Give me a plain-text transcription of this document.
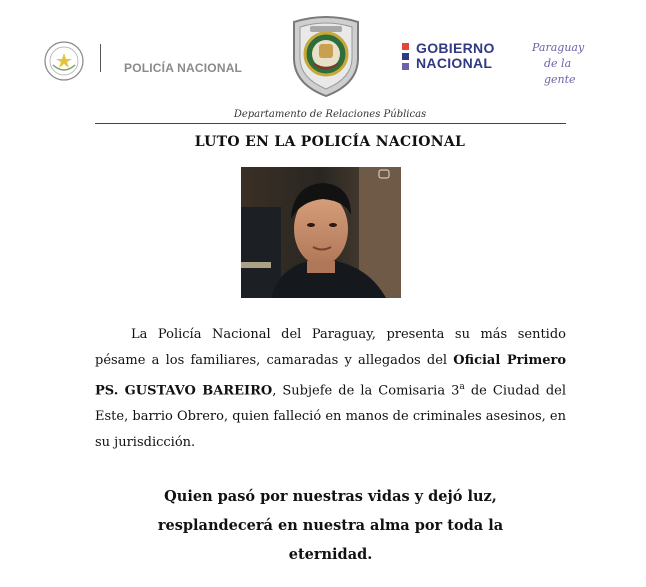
POLICÍA NACIONAL
GOBIERNO
NACIONAL
Paraguay
de la gente
Departamento de Relaciones Públicas
LUTO EN LA POLICÍA NACIONAL
La Policía Nacional del Paraguay, presenta su más sentido pésame a los familiares, camaradas y allegados del Oficial Primero PS. GUSTAVO BAREIRO, Subjefe de la Comisaria 3$^a$ de Ciudad del Este, barrio Obrero, quien falleció en manos de criminales asesinos, en su jurisdicción.
Quien pasó por nuestras vidas y dejó luz,
resplandecerá en nuestra alma por toda la
eternidad.
